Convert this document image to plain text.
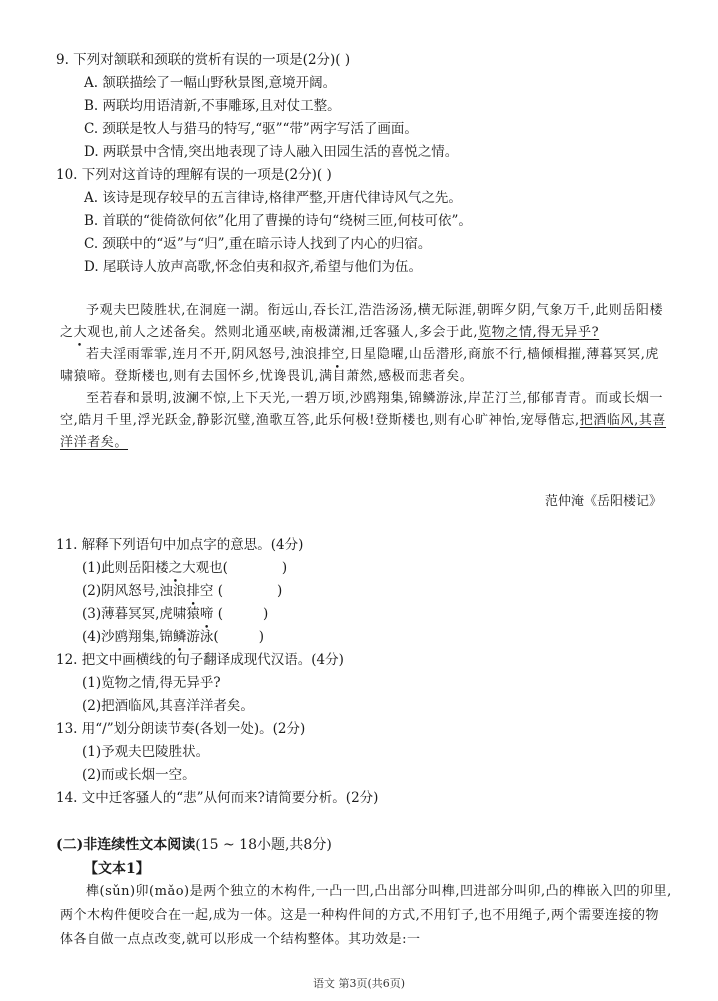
9. 下列对颔联和颈联的赏析有误的一项是(2分)( )
A. 颔联描绘了一幅山野秋景图,意境开阔。
B. 两联均用语清新,不事雕琢,且对仗工整。
C. 颈联是牧人与猎马的特写,“驱”“带”两字写活了画面。
D. 两联景中含情,突出地表现了诗人融入田园生活的喜悦之情。
10. 下列对这首诗的理解有误的一项是(2分)( )
A. 该诗是现存较早的五言律诗,格律严整,开唐代律诗风气之先。
B. 首联的“徙倚欲何依”化用了曹操的诗句“绕树三匝,何枝可依”。
C. 颈联中的“返”与“归”,重在暗示诗人找到了内心的归宿。
D. 尾联诗人放声高歌,怀念伯夷和叔齐,希望与他们为伍。

予观夫巴陵胜状,在洞庭一湖。衔远山,吞长江,浩浩汤汤,横无际涯,朝晖夕阴,气象万千,此则岳阳楼之大观也,前人之述备矣。然则北通巫峡,南极潇湘,迁客骚人,多会于此,览物之情,得无异乎?

若夫淫雨霏霏,连月不开,阴风怒号,浊浪排空,日星隐曜,山岳潜形,商旅不行,樯倾楫摧,薄暮冥冥,虎啸猿啼。登斯楼也,则有去国怀乡,忧谗畏讥,满目萧然,感极而悲者矣。

至若春和景明,波澜不惊,上下天光,一碧万顷,沙鸥翔集,锦鳞游泳,岸芷汀兰,郁郁青青。而或长烟一空,皓月千里,浮光跃金,静影沉璧,渔歌互答,此乐何极!登斯楼也,则有心旷神怡,宠辱偕忘,把酒临风,其喜洋洋者矣。

范仲淹《岳阳楼记》
11. 解释下列语句中加点字的意思。(4分)
(1)此则岳阳楼之大观也(	)
(2)阴风怒号,浊浪排空 (	)
(3)薄暮冥冥,虎啸猿啼 (	)
(4)沙鸥翔集,锦鳞游泳(	)
12. 把文中画横线的句子翻译成现代汉语。(4分)
(1)览物之情,得无异乎?
(2)把酒临风,其喜洋洋者矣。
13. 用“/”划分朗读节奏(各划一处)。(2分)
(1)予观夫巴陵胜状。
(2)而或长烟一空。
14. 文中迁客骚人的“悲”从何而来?请简要分析。(2分)
(二)非连续性文本阅读(15 ~ 18小题,共8分)
【文本1】
榫(sǔn)卯(mǎo)是两个独立的木构件,一凸一凹,凸出部分叫榫,凹进部分叫卯,凸的榫嵌入凹的卯里,两个木构件便咬合在一起,成为一体。这是一种构件间的方式,不用钉子,也不用绳子,两个需要连接的物体各自做一点点改变,就可以形成一个结构整体。其功效是:一
语文 第3页(共6页)
